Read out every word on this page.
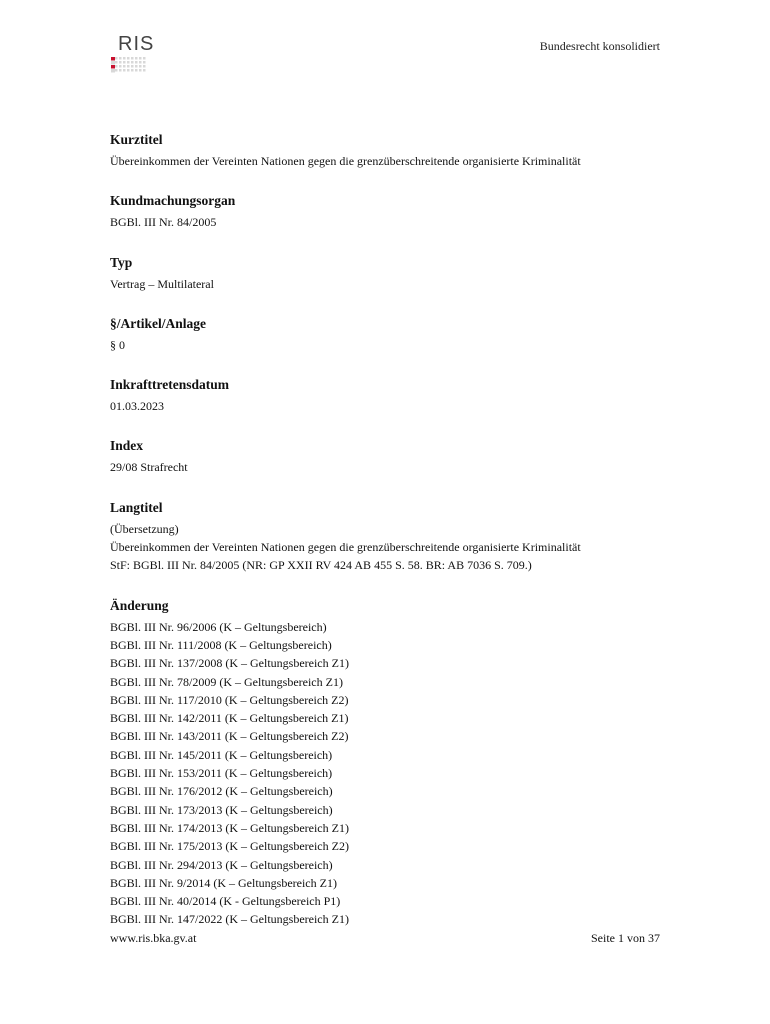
RIS	Bundesrecht konsolidiert
Kurztitel

Übereinkommen der Vereinten Nationen gegen die grenzüberschreitende organisierte Kriminalität

Kundmachungsorgan

BGBl. III Nr. 84/2005

Typ

Vertrag – Multilateral

§/Artikel/Anlage

§ 0

Inkrafttretensdatum

01.03.2023

Index

29/08 Strafrecht

Langtitel

(Übersetzung)

Übereinkommen der Vereinten Nationen gegen die grenzüberschreitende organisierte Kriminalität

StF: BGBl. III Nr. 84/2005 (NR: GP XXII RV 424 AB 455 S. 58. BR: AB 7036 S. 709.)

Änderung

BGBl. III Nr. 96/2006 (K – Geltungsbereich)

BGBl. III Nr. 111/2008 (K – Geltungsbereich)

BGBl. III Nr. 137/2008 (K – Geltungsbereich Z1)

BGBl. III Nr. 78/2009 (K – Geltungsbereich Z1)

BGBl. III Nr. 117/2010 (K – Geltungsbereich Z2)

BGBl. III Nr. 142/2011 (K – Geltungsbereich Z1)

BGBl. III Nr. 143/2011 (K – Geltungsbereich Z2)

BGBl. III Nr. 145/2011 (K – Geltungsbereich)

BGBl. III Nr. 153/2011 (K – Geltungsbereich)

BGBl. III Nr. 176/2012 (K – Geltungsbereich)

BGBl. III Nr. 173/2013 (K – Geltungsbereich)

BGBl. III Nr. 174/2013 (K – Geltungsbereich Z1)

BGBl. III Nr. 175/2013 (K – Geltungsbereich Z2)

BGBl. III Nr. 294/2013 (K – Geltungsbereich)

BGBl. III Nr. 9/2014 (K – Geltungsbereich Z1)

BGBl. III Nr. 40/2014 (K - Geltungsbereich P1)

BGBl. III Nr. 147/2022 (K – Geltungsbereich Z1)

www.ris.bka.gv.at	Seite 1 von 37
